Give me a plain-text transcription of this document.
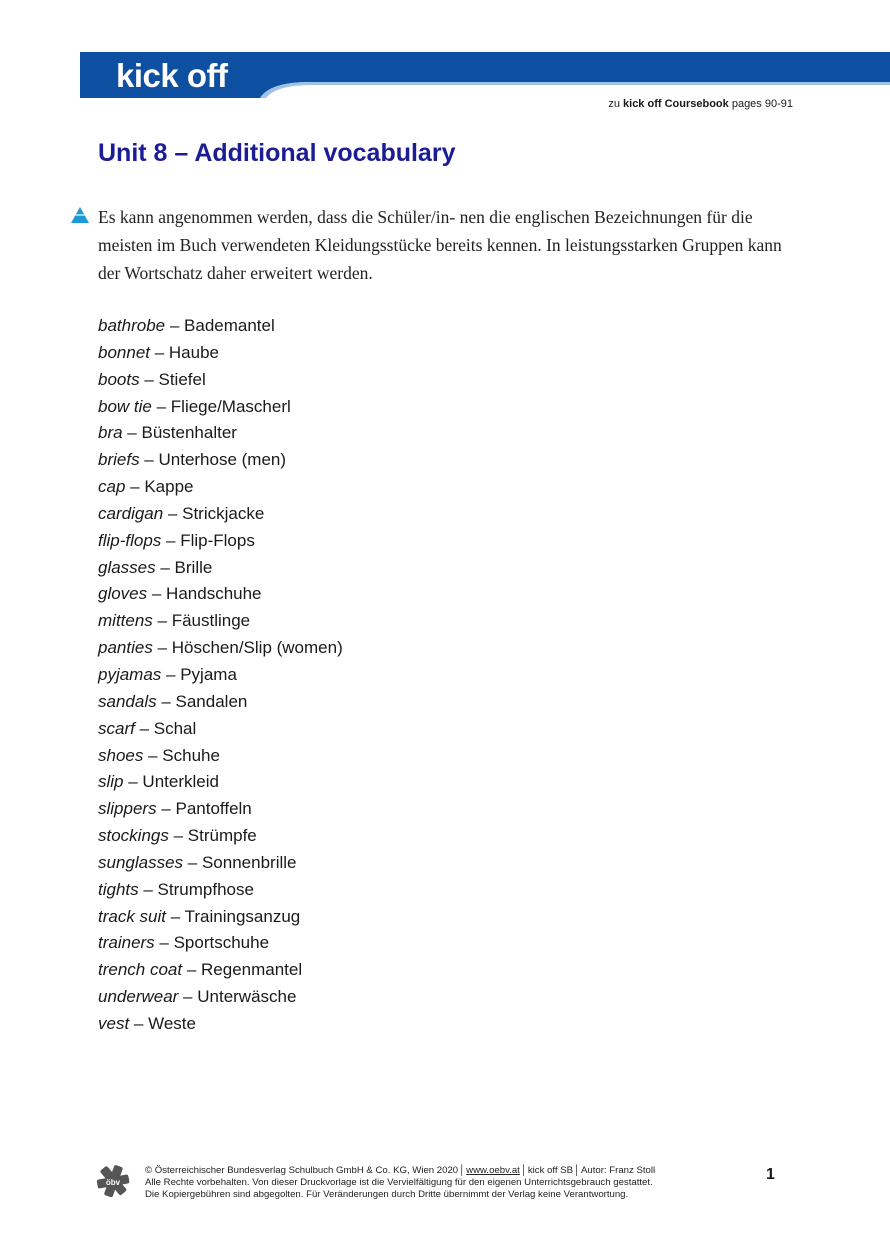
kick off
zu kick off Coursebook pages 90-91
Unit 8 – Additional vocabulary

Es kann angenommen werden, dass die Schüler/in- nen die englischen Bezeichnungen für die meisten im Buch verwendeten Kleidungsstücke bereits kennen. In leistungsstarken Gruppen kann der Wortschatz daher erweitert werden.

bathrobe – Bademantel
bonnet – Haube
boots – Stiefel
bow tie – Fliege/Mascherl
bra – Büstenhalter
briefs – Unterhose (men)
cap – Kappe
cardigan – Strickjacke
flip-flops – Flip-Flops
glasses – Brille
gloves – Handschuhe
mittens – Fäustlinge
panties – Höschen/Slip (women)
pyjamas – Pyjama
sandals – Sandalen
scarf – Schal
shoes – Schuhe
slip – Unterkleid
slippers – Pantoffeln
stockings – Strümpfe
sunglasses – Sonnenbrille
tights – Strumpfhose
track suit – Trainingsanzug
trainers – Sportschuhe
trench coat – Regenmantel
underwear – Unterwäsche
vest – Weste
öbv
© Österreichischer Bundesverlag Schulbuch GmbH & Co. KG, Wien 2020│www.oebv.at│kick off SB│Autor: Franz Stoll
Alle Rechte vorbehalten. Von dieser Druckvorlage ist die Vervielfältigung für den eigenen Unterrichtsgebrauch gestattet.
Die Kopiergebühren sind abgegolten. Für Veränderungen durch Dritte übernimmt der Verlag keine Verantwortung.
1
